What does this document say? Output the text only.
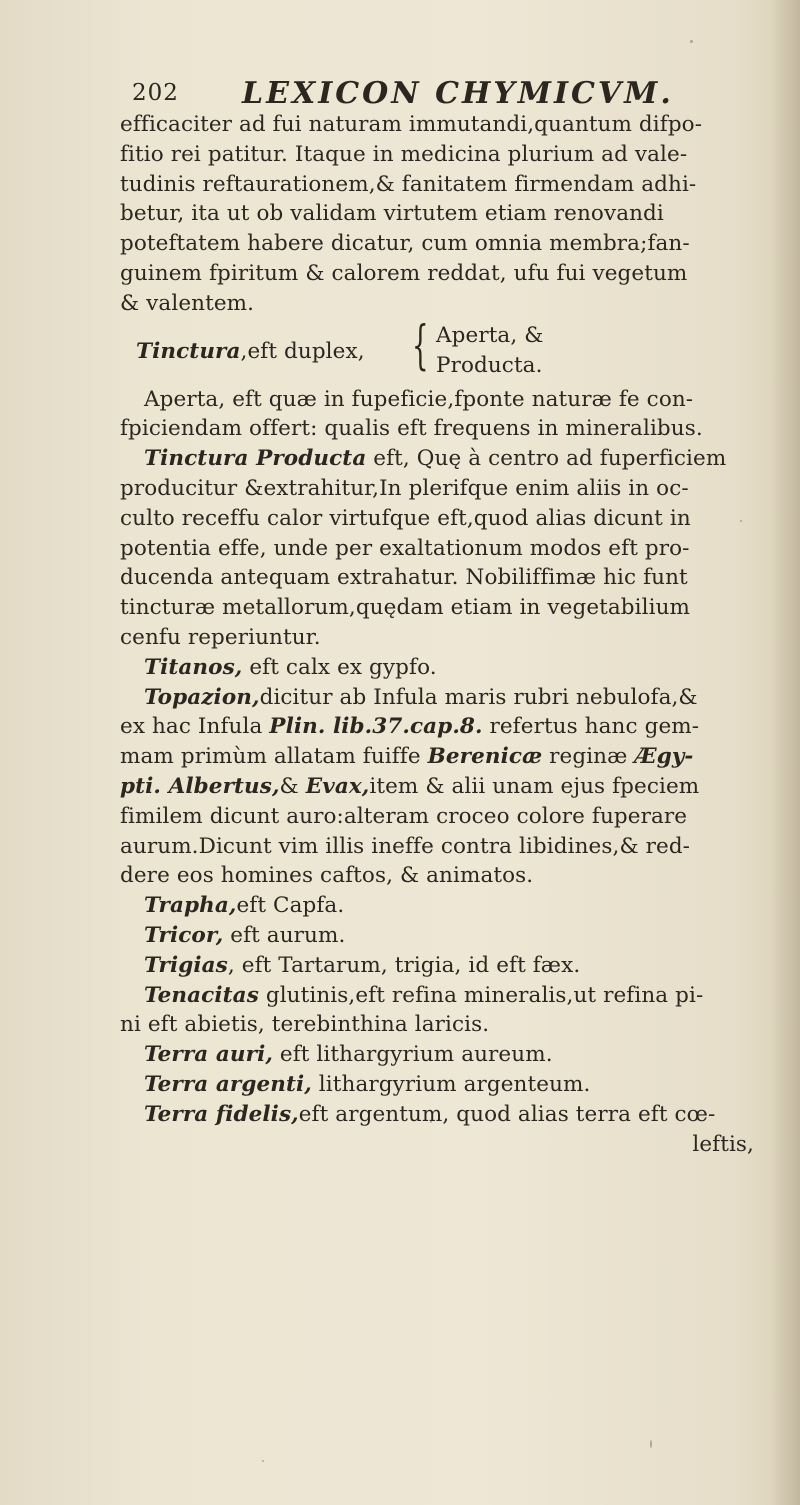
202 LEXICON CHYMICVM.
efficaciter ad fui naturam immutandi,quantum difpo-
fitio rei patitur. Itaque in medicina plurium ad vale-
tudinis reftaurationem,& fanitatem firmendam adhi-
betur, ita ut ob validam virtutem etiam renovandi
poteftatem habere dicatur, cum omnia membra;fan-
guinem fpiritum & calorem reddat, ufu fui vegetum
& valentem.
Tinctura,eft duplex, { Aperta, &
Producta.
Aperta, eft quæ in fupeficie,fponte naturæ fe con-
fpiciendam offert: qualis eft frequens in mineralibus.
Tinctura Producta eft, Quę à centro ad fuperficiem
producitur &extrahitur,In plerifque enim aliis in oc-
culto receffu calor virtufque eft,quod alias dicunt in
potentia effe, unde per exaltationum modos eft pro-
ducenda antequam extrahatur. Nobiliffimæ hic funt
tincturæ metallorum,quędam etiam in vegetabilium
cenfu reperiuntur.
Titanos, eft calx ex gypfo.
Topazion,dicitur ab Infula maris rubri nebulofa,&
ex hac Infula Plin. lib.37.cap.8. refertus hanc gem-
mam primùm allatam fuiffe Berenicæ reginæ Ægy-
pti. Albertus,& Evax,item & alii unam ejus fpeciem
fimilem dicunt auro:alteram croceo colore fuperare
aurum.Dicunt vim illis ineffe contra libidines,& red-
dere eos homines caftos, & animatos.
Trapha,eft Capfa.
Tricor, eft aurum.
Trigias, eft Tartarum, trigia, id eft fæx.
Tenacitas glutinis,eft refina mineralis,ut refina pi-
ni eft abietis, terebinthina laricis.
Terra auri, eft lithargyrium aureum.
Terra argenti, lithargyrium argenteum.
Terra fidelis,eft argentum, quod alias terra eft cœ-
leftis,
